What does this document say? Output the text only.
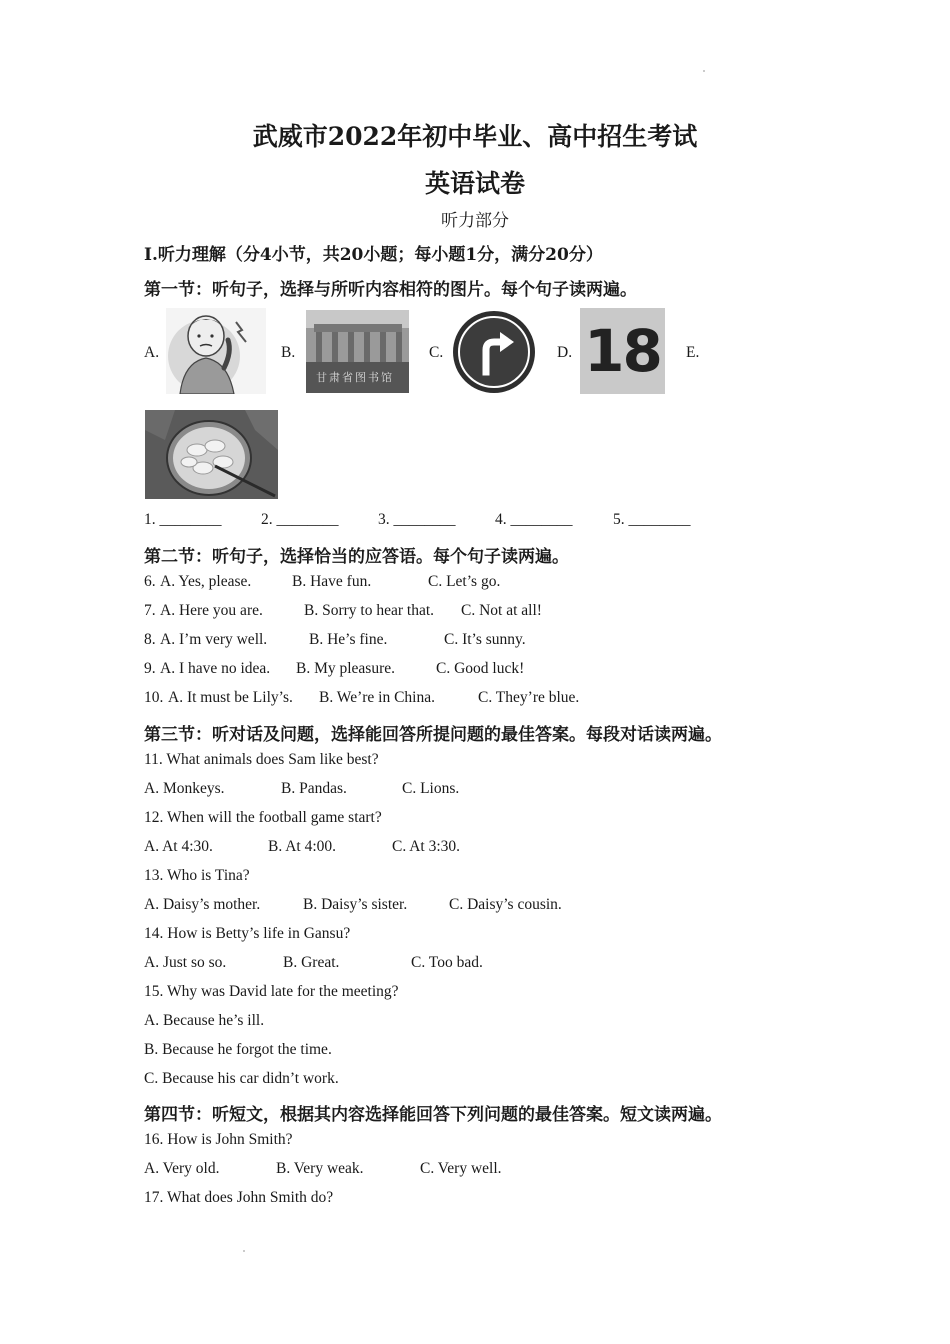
武威市2022年初中毕业、高中招生考试
英语试卷
听力部分
Ⅰ.听力理解（分4小节，共20小题；每小题1分，满分20分）
第一节：听句子，选择与所听内容相符的图片。每个句子读两遍。
A.	B.
甘肃省图书馆
C.	D. 18 E.
1. ________	2. ________	3. ________	4. ________	5. ________
第二节：听句子，选择恰当的应答语。每个句子读两遍。
6. A. Yes, please.	B. Have fun.	C. Let’s go.
7. A. Here you are.	B. Sorry to hear that. C. Not at all!
8. A. I’m very well.	B. He’s fine.	C. It’s sunny.
9. A. I have no idea. B. My pleasure.	C. Good luck!
10. A. It must be Lily’s. B. We’re in China.	C. They’re blue.
第三节：听对话及问题，选择能回答所提问题的最佳答案。每段对话读两遍。
11. What animals does Sam like best?
A. Monkeys.	B. Pandas.	C. Lions.
12. When will the football game start?
A. At 4:30.	B. At 4:00.	C. At 3:30.
13. Who is Tina?
A. Daisy’s mother.	B. Daisy’s sister.	C. Daisy’s cousin.
14. How is Betty’s life in Gansu?
A. Just so so.	B. Great.	C. Too bad.
15. Why was David late for the meeting?
A. Because he’s ill.
B. Because he forgot the time.
C. Because his car didn’t work.
第四节：听短文，根据其内容选择能回答下列问题的最佳答案。短文读两遍。
16. How is John Smith?
A. Very old.	B. Very weak.	C. Very well.
17. What does John Smith do?
